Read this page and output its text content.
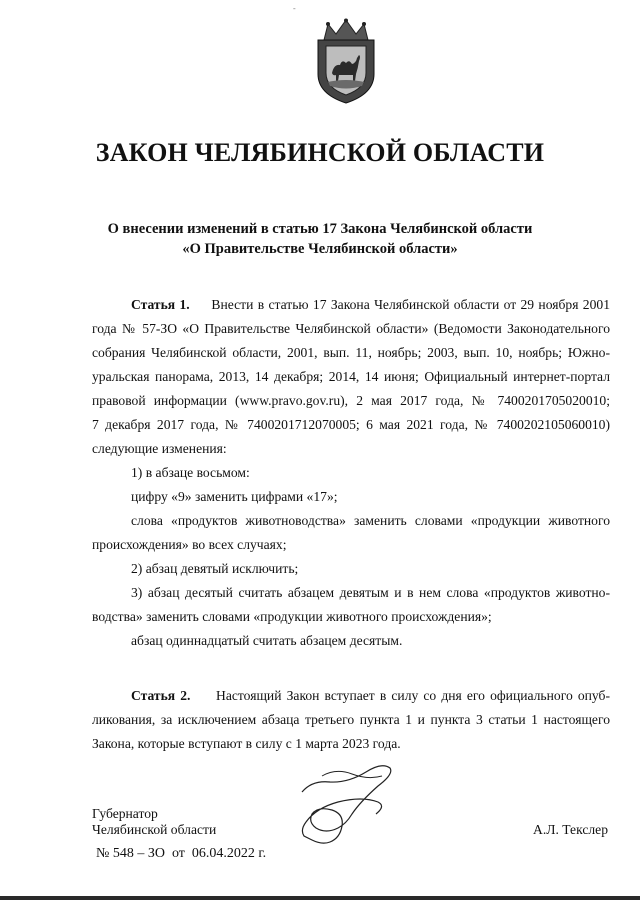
-
ЗАКОН ЧЕЛЯБИНСКОЙ ОБЛАСТИ
О внесении изменений в статью 17 Закона Челябинской области
«О Правительстве Челябинской области»
Статья 1. Внести в статью 17 Закона Челябинской области от 29 ноября 2001
года № 57-ЗО «О Правительстве Челябинской области» (Ведомости Законодательного
собрания Челябинской области, 2001, вып. 11, ноябрь; 2003, вып. 10, ноябрь; Южно-
уральская панорама, 2013, 14 декабря; 2014, 14 июня; Официальный интернет-портал
правовой информации (www.pravo.gov.ru), 2 мая 2017 года, № 7400201705020010;
7 декабря 2017 года, № 7400201712070005; 6 мая 2021 года, № 7400202105060010)
следующие изменения:
1) в абзаце восьмом:
цифру «9» заменить цифрами «17»;
слова «продуктов животноводства» заменить словами «продукции животного
происхождения» во всех случаях;
2) абзац девятый исключить;
3) абзац десятый считать абзацем девятым и в нем слова «продуктов животно-
водства» заменить словами «продукции животного происхождения»;
абзац одиннадцатый считать абзацем десятым.
Статья 2. Настоящий Закон вступает в силу со дня его официального опуб-
ликования, за исключением абзаца третьего пункта 1 и пункта 3 статьи 1 настоящего
Закона, которые вступают в силу с 1 марта 2023 года.
Губернатор
Челябинской области	А.Л. Текслер
№ 548 – ЗО  от  06.04.2022 г.
